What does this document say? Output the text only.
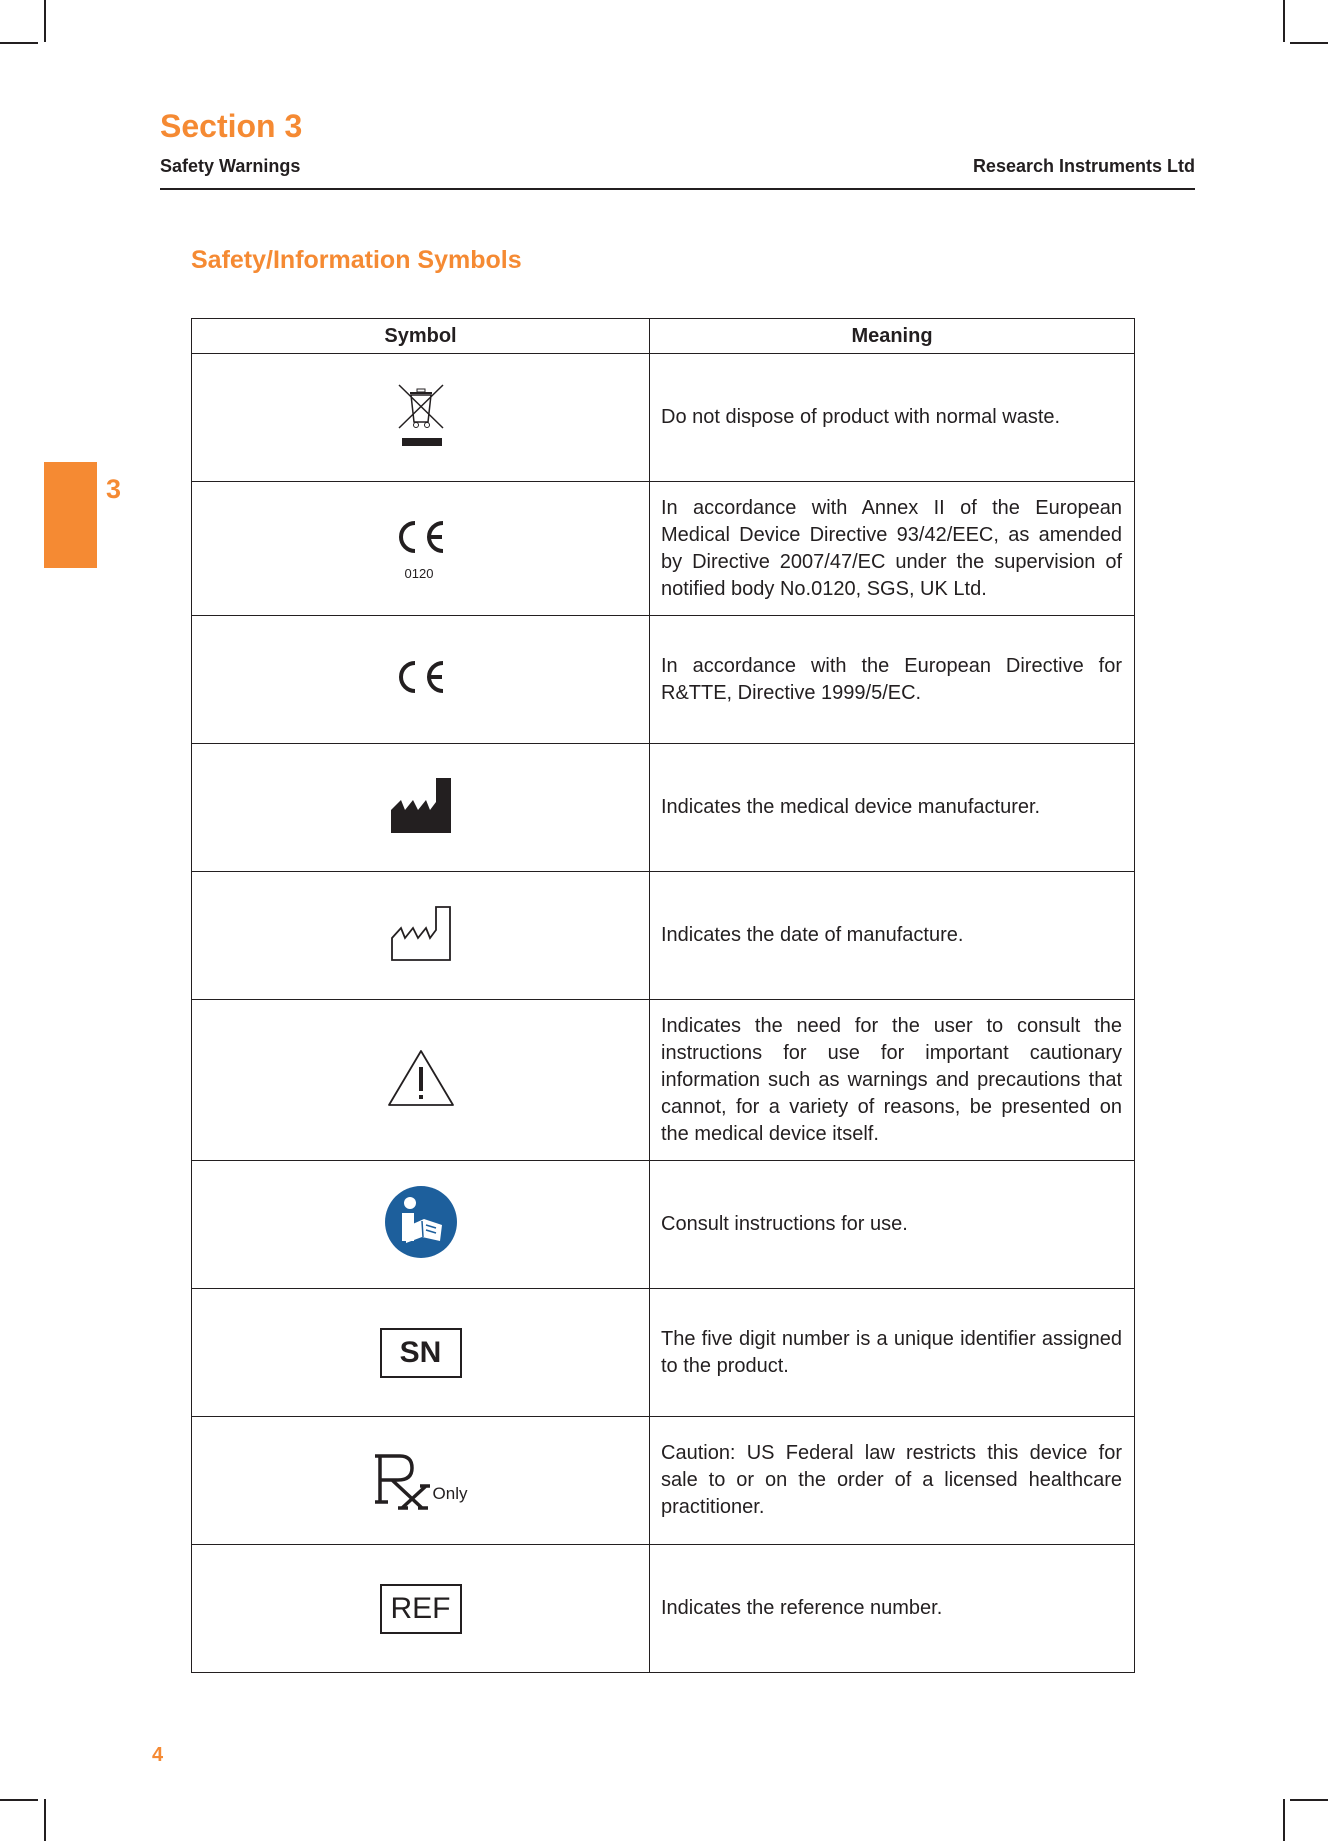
Section 3
Safety Warnings	Research Instruments Ltd
3
Safety/Information Symbols
Symbol	Meaning
	Do not dispose of product with normal waste.

0120	In accordance with Annex II of the European Medical Device Directive 93/42/EEC, as amended by Directive 2007/47/EC under the supervision of notified body No.0120, SGS, UK Ltd.
	In accordance with the European Directive for R&TTE, Directive 1999/5/EC.
	Indicates the medical device manufacturer.
	Indicates the date of manufacture.
	Indicates the need for the user to consult the instructions for use for important cautionary information such as warnings and precautions that cannot, for a variety of reasons, be presented on the medical device itself.
	Consult instructions for use.
SN	The five digit number is a unique identifier assigned to the product.

Only	Caution: US Federal law restricts this device for sale to or on the order of a licensed healthcare practitioner.
REF	Indicates the reference number.
4
